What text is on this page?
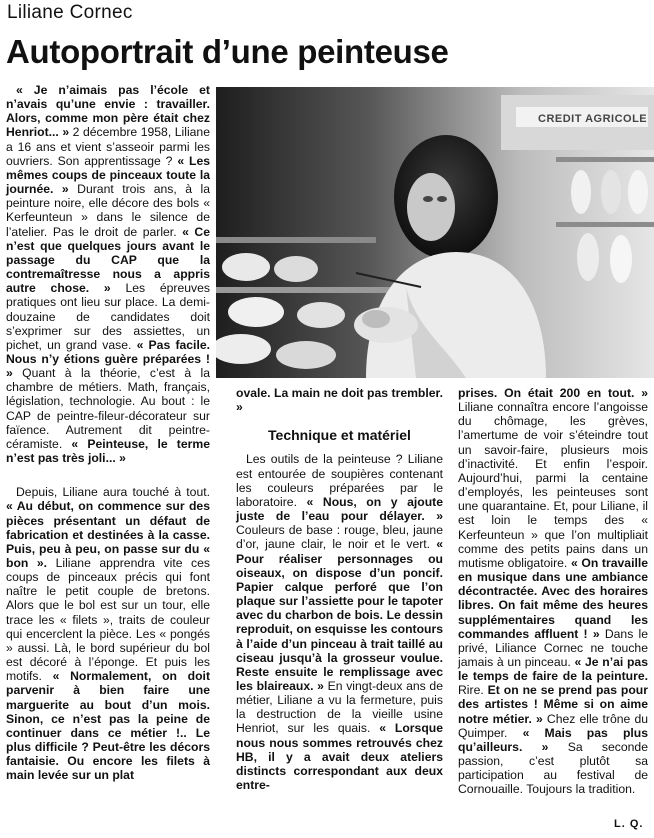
Liliane Cornec
Autoportrait d’une peinteuse

« Je n’aimais pas l’école et n’avais qu’une envie : travailler. Alors, comme mon père était chez Henriot... » 2 décembre 1958, Liliane a 16 ans et vient s’asseoir parmi les ouvriers. Son apprentissage ? « Les mêmes coups de pinceaux toute la journée. » Durant trois ans, à la peinture noire, elle décore des bols « Kerfeunteun » dans le silence de l’atelier. Pas le droit de parler. « Ce n’est que quelques jours avant le passage du CAP que la contremaîtresse nous a appris autre chose. » Les épreuves pratiques ont lieu sur place. La demi-douzaine de candidates doit s’exprimer sur des assiettes, un pichet, un grand vase. « Pas facile. Nous n’y étions guère préparées ! » Quant à la théorie, c’est à la chambre de métiers. Math, français, législation, technologie. Au bout : le CAP de peintre-fileur-décorateur sur faïence. Autrement dit peintre-céramiste. « Peinteuse, le terme n’est pas très joli... »

Depuis, Liliane aura touché à tout. « Au début, on commence sur des pièces présentant un défaut de fabrication et destinées à la casse. Puis, peu à peu, on passe sur du « bon ». Liliane apprendra vite ces coups de pinceaux précis qui font naître le petit couple de bretons. Alors que le bol est sur un tour, elle trace les « filets », traits de couleur qui encerclent la pièce. Les « pongés » aussi. Là, le bord supérieur du bol est décoré à l’éponge. Et puis les motifs. « Normalement, on doit parvenir à bien faire une marguerite au bout d’un mois. Sinon, ce n’est pas la peine de continuer dans ce métier !.. Le plus difficile ? Peut-être les décors fantaisie. Ou encore les filets à main levée sur un plat

CREDIT AGRICOLE

ovale. La main ne doit pas trembler. »

Technique et matériel

Les outils de la peinteuse ? Liliane est entourée de soupières contenant les couleurs préparées par le laboratoire. « Nous, on y ajoute juste de l’eau pour délayer. » Couleurs de base : rouge, bleu, jaune d’or, jaune clair, le noir et le vert. « Pour réaliser personnages ou oiseaux, on dispose d’un poncif. Papier calque perforé que l’on plaque sur l’assiette pour le tapoter avec du charbon de bois. Le dessin reproduit, on esquisse les contours à l’aide d’un pinceau à trait taillé au ciseau jusqu’à la grosseur voulue. Reste ensuite le remplissage avec les blaireaux. » En vingt-deux ans de métier, Liliane a vu la fermeture, puis la destruction de la vieille usine Henriot, sur les quais. « Lorsque nous nous sommes retrouvés chez HB, il y a avait deux ateliers distincts correspondant aux deux entre-

prises. On était 200 en tout. » Liliane connaîtra encore l’angoisse du chômage, les grèves, l’amertume de voir s’éteindre tout un savoir-faire, plusieurs mois d’inactivité. Et enfin l’espoir. Aujourd’hui, parmi la centaine d’employés, les peinteuses sont une quarantaine. Et, pour Liliane, il est loin le temps des « Kerfeunteun » que l’on multipliait comme des petits pains dans un mutisme obligatoire. « On travaille en musique dans une ambiance décontractée. Avec des horaires libres. On fait même des heures supplémentaires quand les commandes affluent ! » Dans le privé, Liliance Cornec ne touche jamais à un pinceau. « Je n’ai pas le temps de faire de la peinture. Rire. Et on ne se prend pas pour des artistes ! Même si on aime notre métier. » Chez elle trône du Quimper. « Mais pas plus qu’ailleurs. » Sa seconde passion, c’est plutôt sa participation au festival de Cornouaille. Toujours la tradition.

L. Q.
